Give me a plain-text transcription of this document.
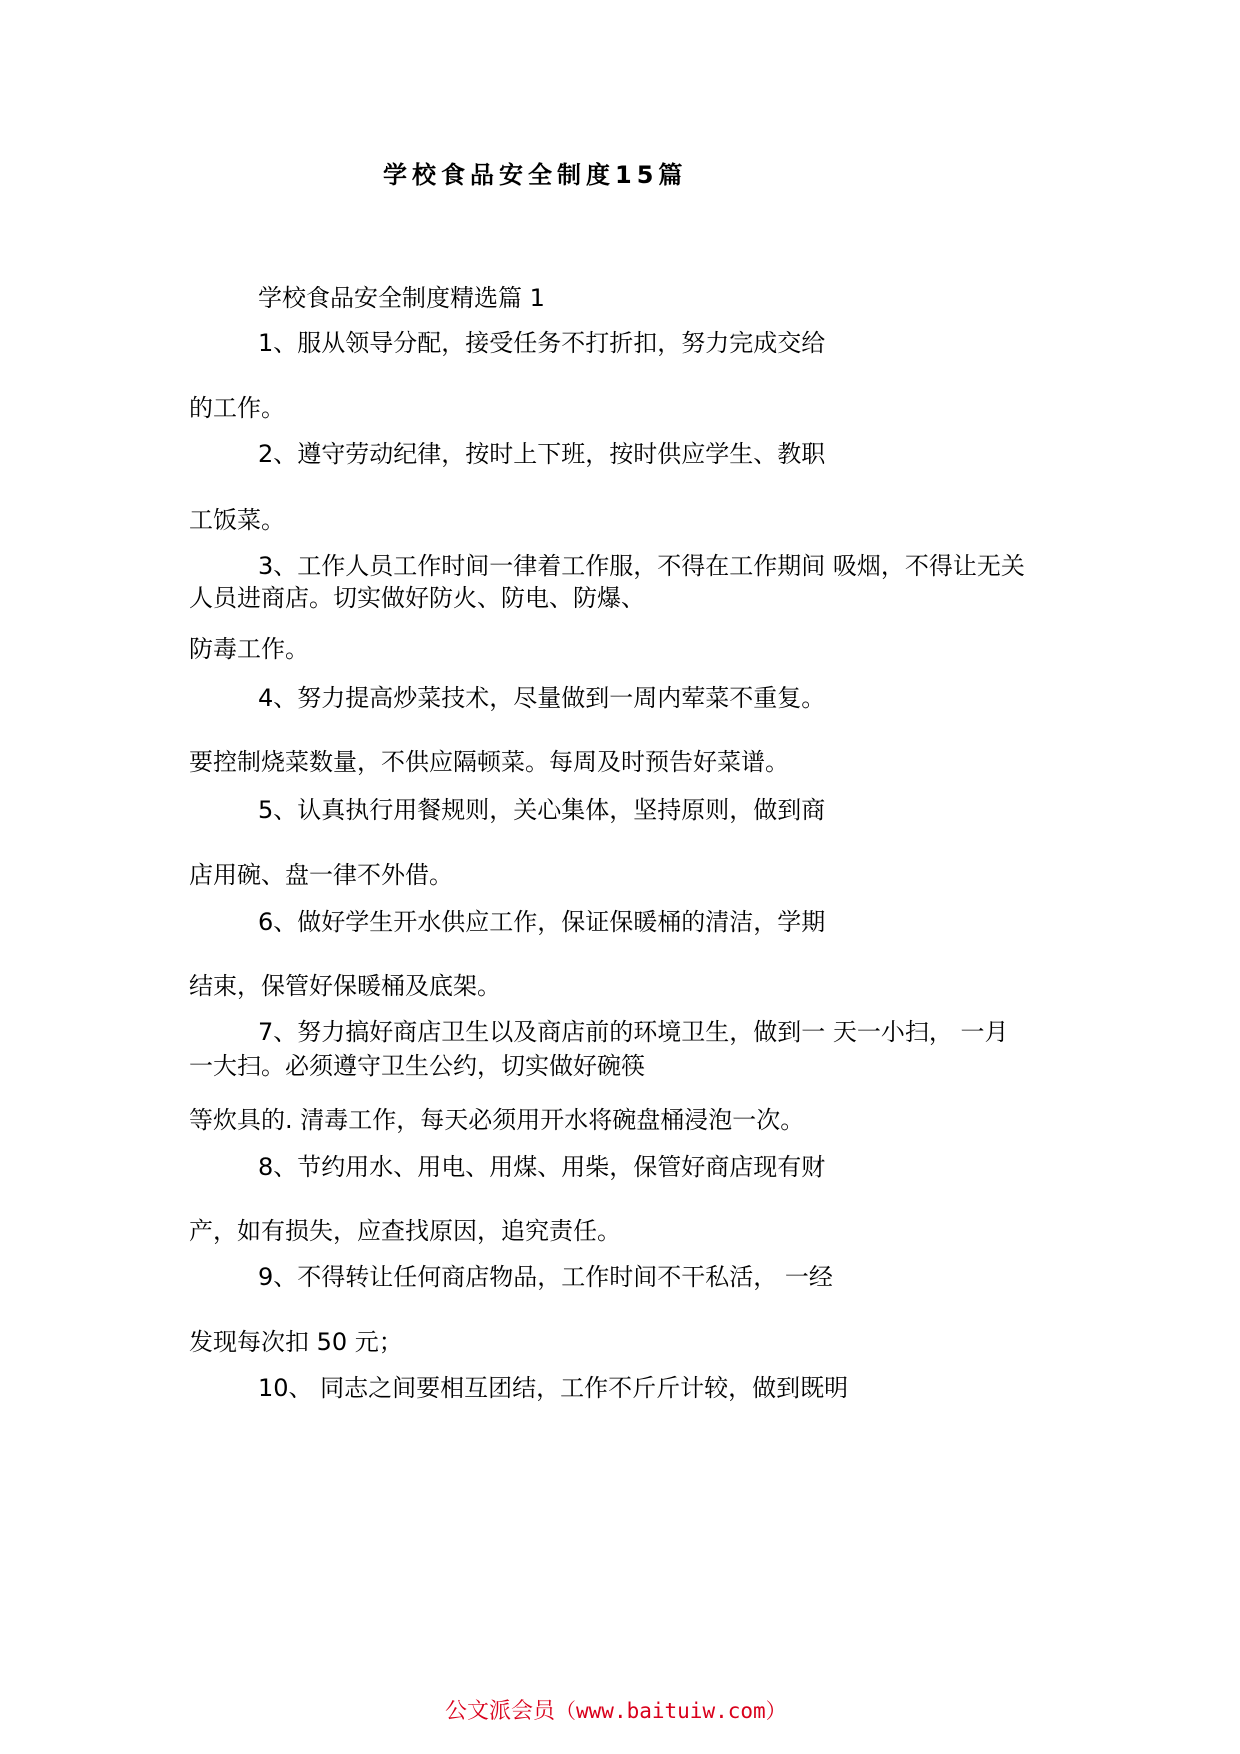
学校食品安全制度15篇
学校食品安全制度精选篇 1
1、服从领导分配，接受任务不打折扣，努力完成交给
的工作。
2、遵守劳动纪律，按时上下班，按时供应学生、教职
工饭菜。
3、工作人员工作时间一律着工作服，不得在工作期间 吸烟，不得让无关
人员进商店。切实做好防火、防电、防爆、
防毒工作。
4、努力提高炒菜技术，尽量做到一周内荤菜不重复。
要控制烧菜数量，不供应隔顿菜。每周及时预告好菜谱。
5、认真执行用餐规则，关心集体，坚持原则，做到商
店用碗、盘一律不外借。
6、做好学生开水供应工作，保证保暖桶的清洁，学期
结束，保管好保暖桶及底架。
7、努力搞好商店卫生以及商店前的环境卫生，做到一 天一小扫， 一月
一大扫。必须遵守卫生公约，切实做好碗筷
等炊具的. 清毒工作，每天必须用开水将碗盘桶浸泡一次。
8、节约用水、用电、用煤、用柴，保管好商店现有财
产，如有损失，应查找原因，追究责任。
9、不得转让任何商店物品，工作时间不干私活， 一经
发现每次扣 50 元；
10、 同志之间要相互团结，工作不斤斤计较，做到既明
公文派会员（www.baituiw.com）
